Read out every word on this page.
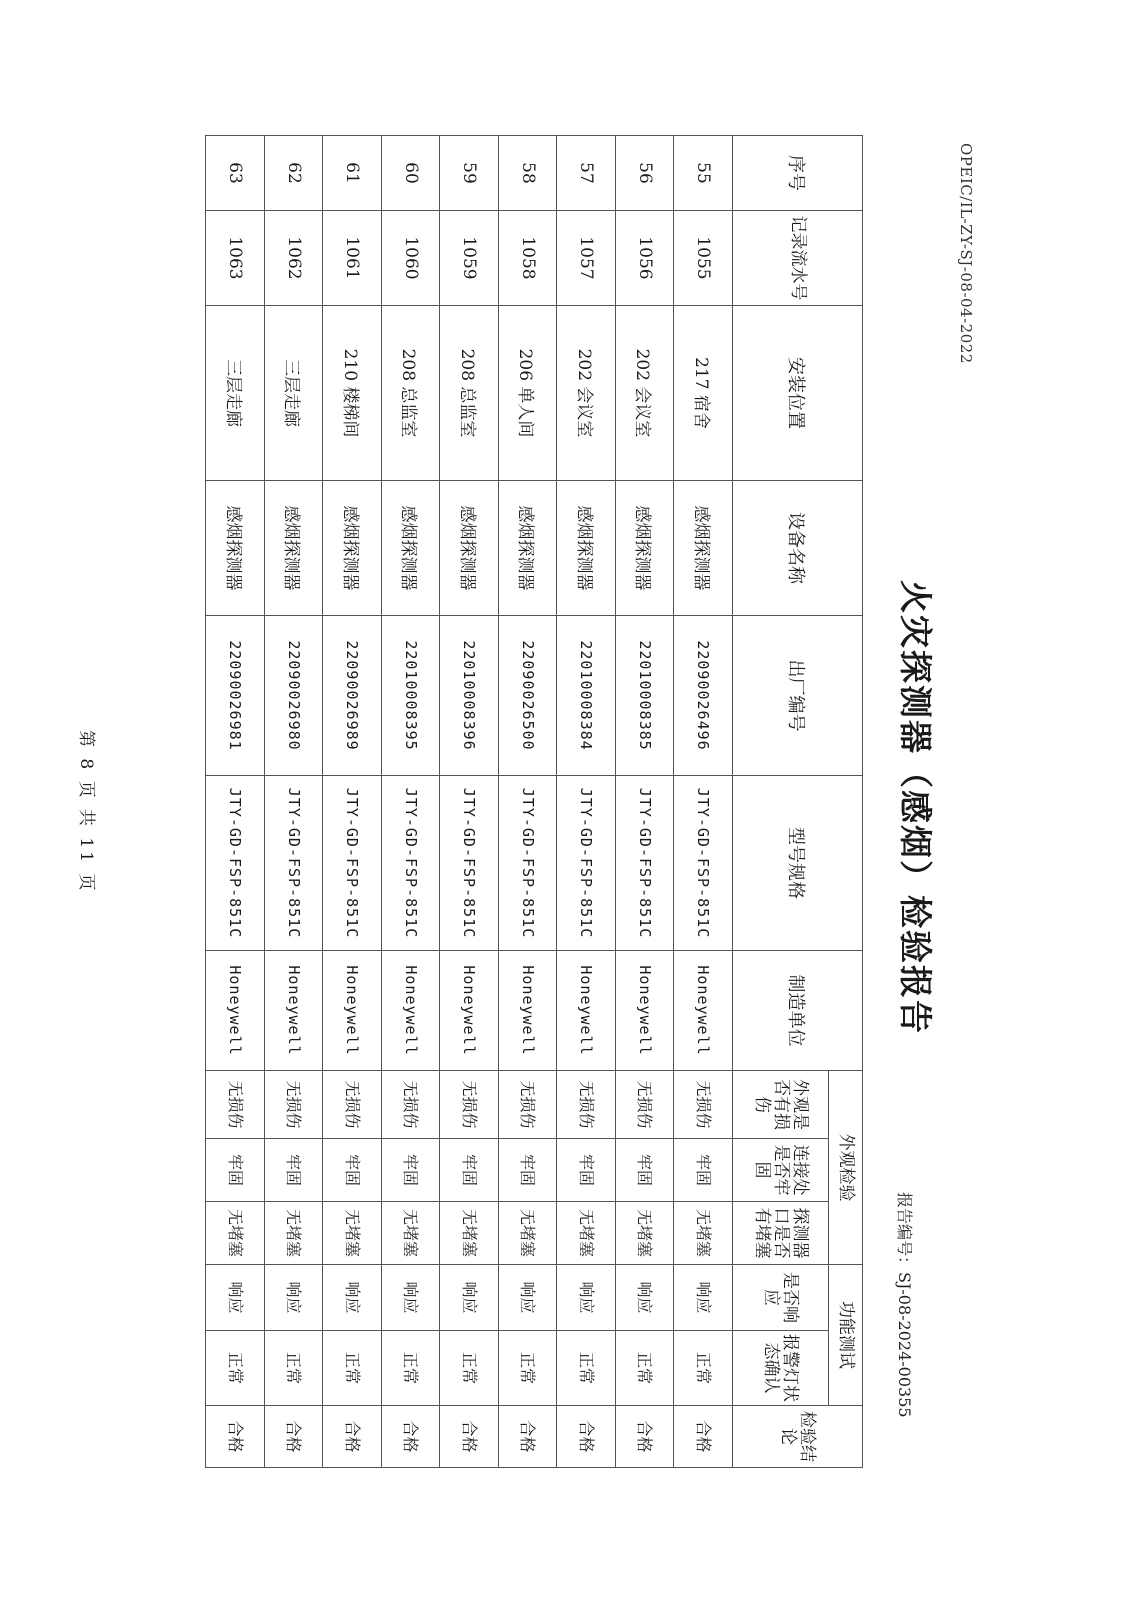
OPEIC/IL-ZY-SJ-08-04-2022
火灾探测器（感烟）检验报告
报告编号：SJ-08-2024-00355
序号	记录流水号	安装位置	设备名称	出厂编号	型号规格	制造单位	外观检验			功能测试		检验结论
							外观是否有损伤	连接处是否牢固	探测器口是否有堵塞	是否响应	报警灯状态确认	
55	1055	217 宿舍	感烟探测器	22090026496	JTY-GD-FSP-851C	Honeywell	无损伤	牢固	无堵塞	响应	正常	合格
56	1056	202 会议室	感烟探测器	22010008385	JTY-GD-FSP-851C	Honeywell	无损伤	牢固	无堵塞	响应	正常	合格
57	1057	202 会议室	感烟探测器	22010008384	JTY-GD-FSP-851C	Honeywell	无损伤	牢固	无堵塞	响应	正常	合格
58	1058	206 单人间	感烟探测器	22090026500	JTY-GD-FSP-851C	Honeywell	无损伤	牢固	无堵塞	响应	正常	合格
59	1059	208 总监室	感烟探测器	22010008396	JTY-GD-FSP-851C	Honeywell	无损伤	牢固	无堵塞	响应	正常	合格
60	1060	208 总监室	感烟探测器	22010008395	JTY-GD-FSP-851C	Honeywell	无损伤	牢固	无堵塞	响应	正常	合格
61	1061	210 楼梯间	感烟探测器	22090026989	JTY-GD-FSP-851C	Honeywell	无损伤	牢固	无堵塞	响应	正常	合格
62	1062	三层走廊	感烟探测器	22090026980	JTY-GD-FSP-851C	Honeywell	无损伤	牢固	无堵塞	响应	正常	合格
63	1063	三层走廊	感烟探测器	22090026981	JTY-GD-FSP-851C	Honeywell	无损伤	牢固	无堵塞	响应	正常	合格
第 8 页 共 11 页
